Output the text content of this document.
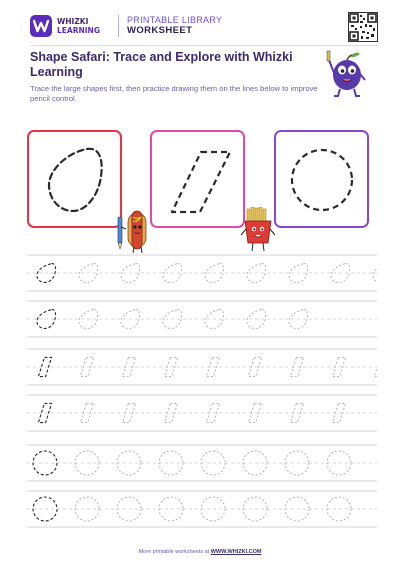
WHIZKI
LEARNING
PRINTABLE LIBRARY
WORKSHEET
Shape Safari: Trace and Explore with Whizki Learning

Trace the large shapes first, then practice drawing them on the lines below to improve pencil control.

More printable worksheets at WWW.WHIZKI.COM
